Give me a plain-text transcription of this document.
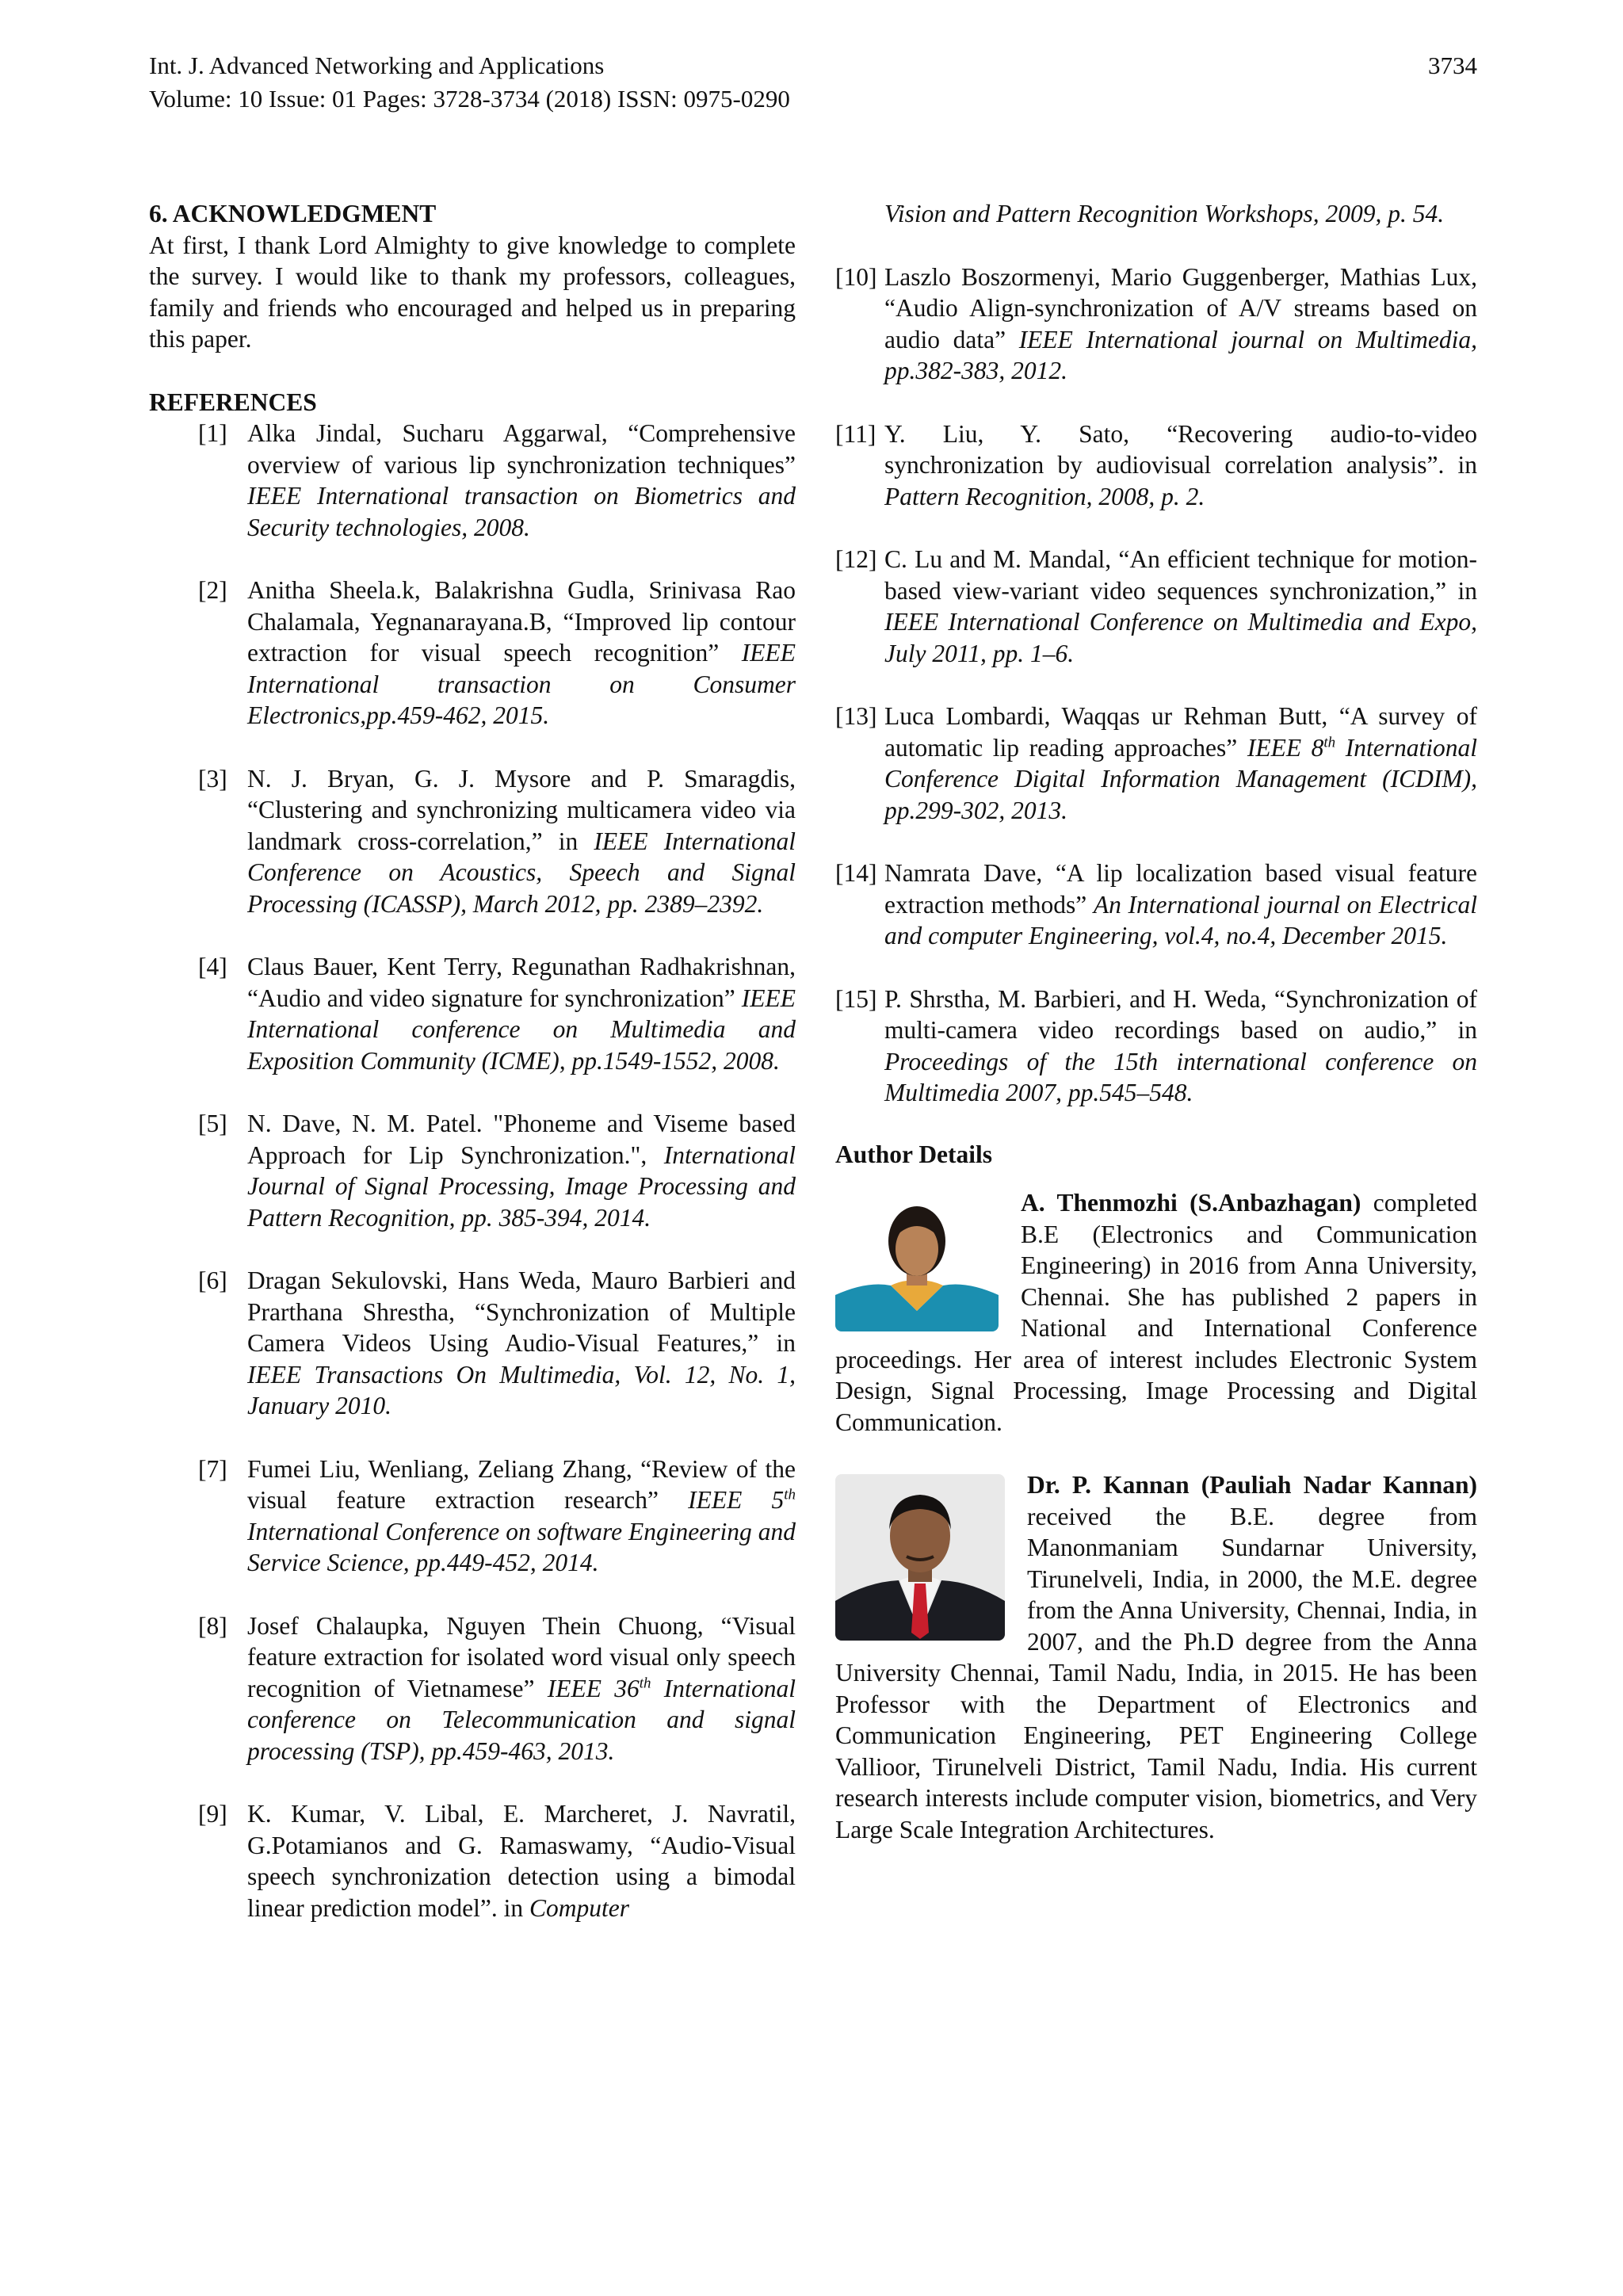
Int. J. Advanced Networking and Applications	3734
Volume: 10 Issue: 01 Pages: 3728-3734 (2018) ISSN: 0975-0290
6. ACKNOWLEDGMENT

At first, I thank Lord Almighty to give knowledge to complete the survey. I would like to thank my professors, colleagues, family and friends who encouraged and helped us in preparing this paper.

REFERENCES
[1] Alka Jindal, Sucharu Aggarwal, “Comprehensive overview of various lip synchronization techniques” IEEE International transaction on Biometrics and Security technologies, 2008.
[2] Anitha Sheela.k, Balakrishna Gudla, Srinivasa Rao Chalamala, Yegnanarayana.B, “Improved lip contour extraction for visual speech recognition” IEEE International transaction on Consumer Electronics,pp.459-462, 2015.
[3] N. J. Bryan, G. J. Mysore and P. Smaragdis, “Clustering and synchronizing multicamera video via landmark cross-correlation,” in IEEE International Conference on Acoustics, Speech and Signal Processing (ICASSP), March 2012, pp. 2389–2392.
[4] Claus Bauer, Kent Terry, Regunathan Radhakrishnan, “Audio and video signature for synchronization” IEEE International conference on Multimedia and Exposition Community (ICME), pp.1549-1552, 2008.
[5] N. Dave, N. M. Patel. "Phoneme and Viseme based Approach for Lip Synchronization.", International Journal of Signal Processing, Image Processing and Pattern Recognition, pp. 385-394, 2014.
[6] Dragan Sekulovski, Hans Weda, Mauro Barbieri and Prarthana Shrestha, “Synchronization of Multiple Camera Videos Using Audio-Visual Features,” in IEEE Transactions On Multimedia, Vol. 12, No. 1, January 2010.
[7] Fumei Liu, Wenliang, Zeliang Zhang, “Review of the visual feature extraction research” IEEE 5th International Conference on software Engineering and Service Science, pp.449-452, 2014.
[8] Josef Chalaupka, Nguyen Thein Chuong, “Visual feature extraction for isolated word visual only speech recognition of Vietnamese” IEEE 36th International conference on Telecommunication and signal processing (TSP), pp.459-463, 2013.
[9] K. Kumar, V. Libal, E. Marcheret, J. Navratil, G.Potamianos and G. Ramaswamy, “Audio-Visual speech synchronization detection using a bimodal linear prediction model”. in Computer
Vision and Pattern Recognition Workshops, 2009, p. 54.
[10] Laszlo Boszormenyi, Mario Guggenberger, Mathias Lux, “Audio Align-synchronization of A/V streams based on audio data” IEEE International journal on Multimedia, pp.382-383, 2012.
[11] Y. Liu, Y. Sato, “Recovering audio-to-video synchronization by audiovisual correlation analysis”. in Pattern Recognition, 2008, p. 2.
[12] C. Lu and M. Mandal, “An efficient technique for motion-based view-variant video sequences synchronization,” in IEEE International Conference on Multimedia and Expo, July 2011, pp. 1–6.
[13] Luca Lombardi, Waqqas ur Rehman Butt, “A survey of automatic lip reading approaches” IEEE 8th International Conference Digital Information Management (ICDIM), pp.299-302, 2013.
[14] Namrata Dave, “A lip localization based visual feature extraction methods” An International journal on Electrical and computer Engineering, vol.4, no.4, December 2015.
[15] P. Shrstha, M. Barbieri, and H. Weda, “Synchronization of multi-camera video recordings based on audio,” in Proceedings of the 15th international conference on Multimedia 2007, pp.545–548.
Author Details
A. Thenmozhi (S.Anbazhagan) completed B.E (Electronics and Communication Engineering) in 2016 from Anna University, Chennai. She has published 2 papers in National and International Conference proceedings. Her area of interest includes Electronic System Design, Signal Processing, Image Processing and Digital Communication.
Dr. P. Kannan (Pauliah Nadar Kannan) received the B.E. degree from Manonmaniam Sundarnar University, Tirunelveli, India, in 2000, the M.E. degree from the Anna University, Chennai, India, in 2007, and the Ph.D degree from the Anna University Chennai, Tamil Nadu, India, in 2015. He has been Professor with the Department of Electronics and Communication Engineering, PET Engineering College Vallioor, Tirunelveli District, Tamil Nadu, India. His current research interests include computer vision, biometrics, and Very Large Scale Integration Architectures.
